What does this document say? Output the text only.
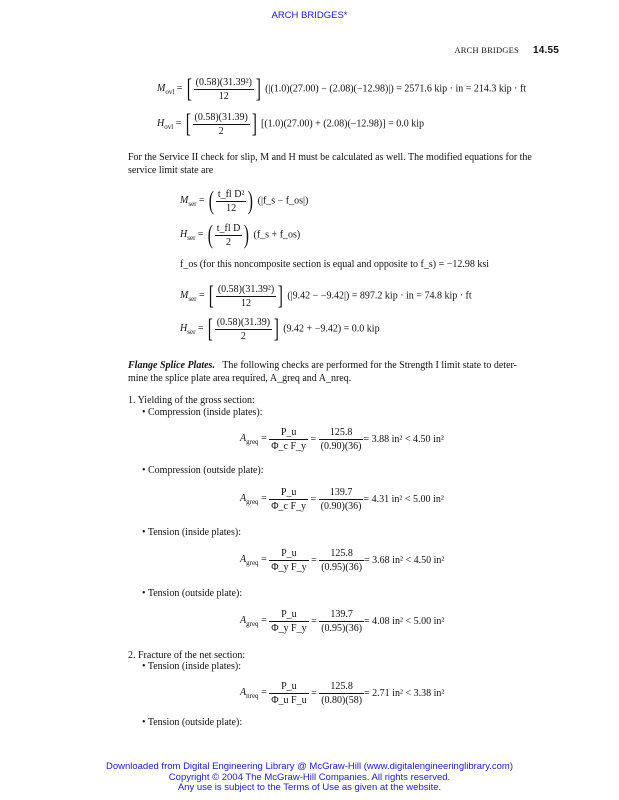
ARCH BRIDGES*
ARCH BRIDGES 14.55
$M_{ovl}$ = [ $\frac{\text{(0.58)(31.39²)}}{12}$ ] (|(1.0)(27.00) − (2.08)(−12.98)|) = 2571.6 kip · in = 214.3 kip · ft
$H_{ovl}$ = [ $\frac{(0.58)(31.39)}{2}$ ] [(1.0)(27.00) + (2.08)(−12.98)] = 0.0 kip
For the Service II check for slip, M and H must be calculated as well. The modified equations for the service limit state are
$M_{ser}$ = ( $\frac{\text{t\_fl D²}}{12}$ ) (|f_s − f_os|)
$H_{ser}$ = ( $\frac{\text{t\_fl D}}{2}$ ) (f_s + f_os)
f_os (for this noncomposite section is equal and opposite to f_s) = −12.98 ksi
$M_{ser}$ = [ $\frac{\text{(0.58)(31.39²)}}{12}$ ] (|9.42 − −9.42|) = 897.2 kip · in = 74.8 kip · ft
$H_{ser}$ = [ $\frac{(0.58)(31.39)}{2}$ ] (9.42 + −9.42) = 0.0 kip
Flange Splice Plates. The following checks are performed for the Strength I limit state to deter-
mine the splice plate area required, A_greq and A_nreq.
1. Yielding of the gross section:
• Compression (inside plates):
$A_{greq} = \frac{P\_u}{\text{Φ\_c F\_y}} = \frac{125.8}{(0.90)(36)} = 3.88$ in² < 4.50 in²
• Compression (outside plate):
$A_{greq} = \frac{P\_u}{\text{Φ\_c F\_y}} = \frac{139.7}{(0.90)(36)} = 4.31$ in² < 5.00 in²
• Tension (inside plates):
$A_{greq} = \frac{P\_u}{\text{Φ\_y F\_y}} = \frac{125.8}{(0.95)(36)} = 3.68$ in² < 4.50 in²
• Tension (outside plate):
$A_{greq} = \frac{P\_u}{\text{Φ\_y F\_y}} = \frac{139.7}{(0.95)(36)} = 4.08$ in² < 5.00 in²
• Tension (inside plates):
$A_{nreq} = \frac{P\_u}{\text{Φ\_u F\_u}} = \frac{125.8}{(0.80)(58)} = 2.71$ in² < 3.38 in²
2. Fracture of the net section:
• Tension (outside plate):
Downloaded from Digital Engineering Library @ McGraw-Hill (www.digitalengineeringlibrary.com)
Copyright © 2004 The McGraw-Hill Companies. All rights reserved.
Any use is subject to the Terms of Use as given at the website.
